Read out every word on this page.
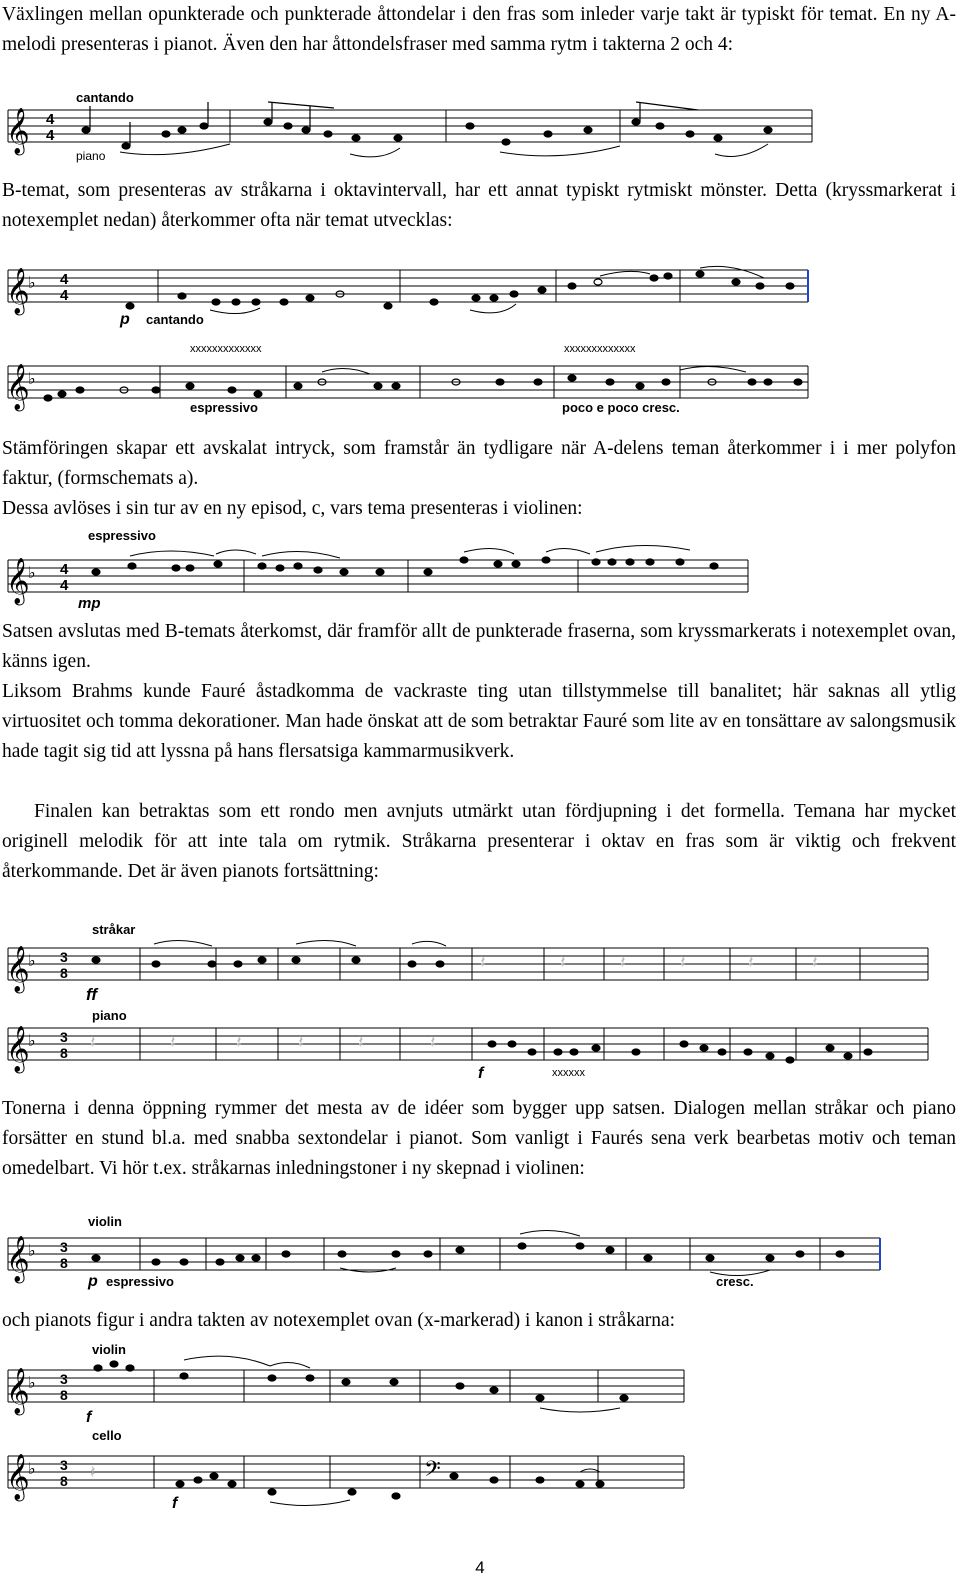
Växlingen mellan opunkterade och punkterade åttondelar i den fras som inleder varje takt är typiskt för temat. En ny A-melodi presenteras i pianot. Även den har åttondelsfraser med samma rytm i takterna 2 och 4:

𝄞 4
4
cantando
piano

B-temat, som presenteras av stråkarna i oktavintervall, har ett annat typiskt rytmiskt mönster. Detta (kryssmarkerat i notexemplet nedan) återkommer ofta när temat utvecklas:

𝄞
♭ 4
4
p cantando
xxxxxxxxxxxxx	xxxxxxxxxxxxx
𝄞
♭
espressivo	poco e poco cresc.

Stämföringen skapar ett avskalat intryck, som framstår än tydligare när A-delens teman återkommer i i mer polyfon faktur, (formschemats a).

Dessa avlöses i sin tur av en ny episod, c, vars tema presenteras i violinen:

espressivo
𝄞
♭ 4
4
mp

Satsen avslutas med B-temats återkomst, där framför allt de punkterade fraserna, som kryssmarkerats i notexemplet ovan, känns igen.

Liksom Brahms kunde Fauré åstadkomma de vackraste ting utan tillstymmelse till banalitet; här saknas all ytlig virtuositet och tomma dekorationer. Man hade önskat att de som betraktar Fauré som lite av en tonsättare av salongsmusik hade tagit sig tid att lyssna på hans flersatsiga kammarmusikverk.

Finalen kan betraktas som ett rondo men avnjuts utmärkt utan fördjupning i det formella. Temana har mycket originell melodik för att inte tala om rytmik. Stråkarna presenterar i oktav en fras som är viktig och frekvent återkommande. Det är även pianots fortsättning:

stråkar
𝄞
♭ 3
8
ff
𝄽	𝄽	𝄽	𝄽	𝄽	𝄽
piano
𝄞
♭ 3
8
𝄽	𝄽	𝄽	𝄽	𝄽	𝄽
f	xxxxxx

Tonerna i denna öppning rymmer det mesta av de idéer som bygger upp satsen. Dialogen mellan stråkar och piano forsätter en stund bl.a. med snabba sextondelar i pianot. Som vanligt i Faurés sena verk bearbetas motiv och teman omedelbart. Vi hör t.ex. stråkarnas inledningstoner i ny skepnad i violinen:

violin
𝄞
♭ 3
8
p espressivo	cresc.

och pianots figur i andra takten av notexemplet ovan (x-markerad) i kanon i stråkarna:

violin
𝄞
♭ 3
8
f
cello
𝄞	𝄢
♭ 3
8 𝄽
f
4
